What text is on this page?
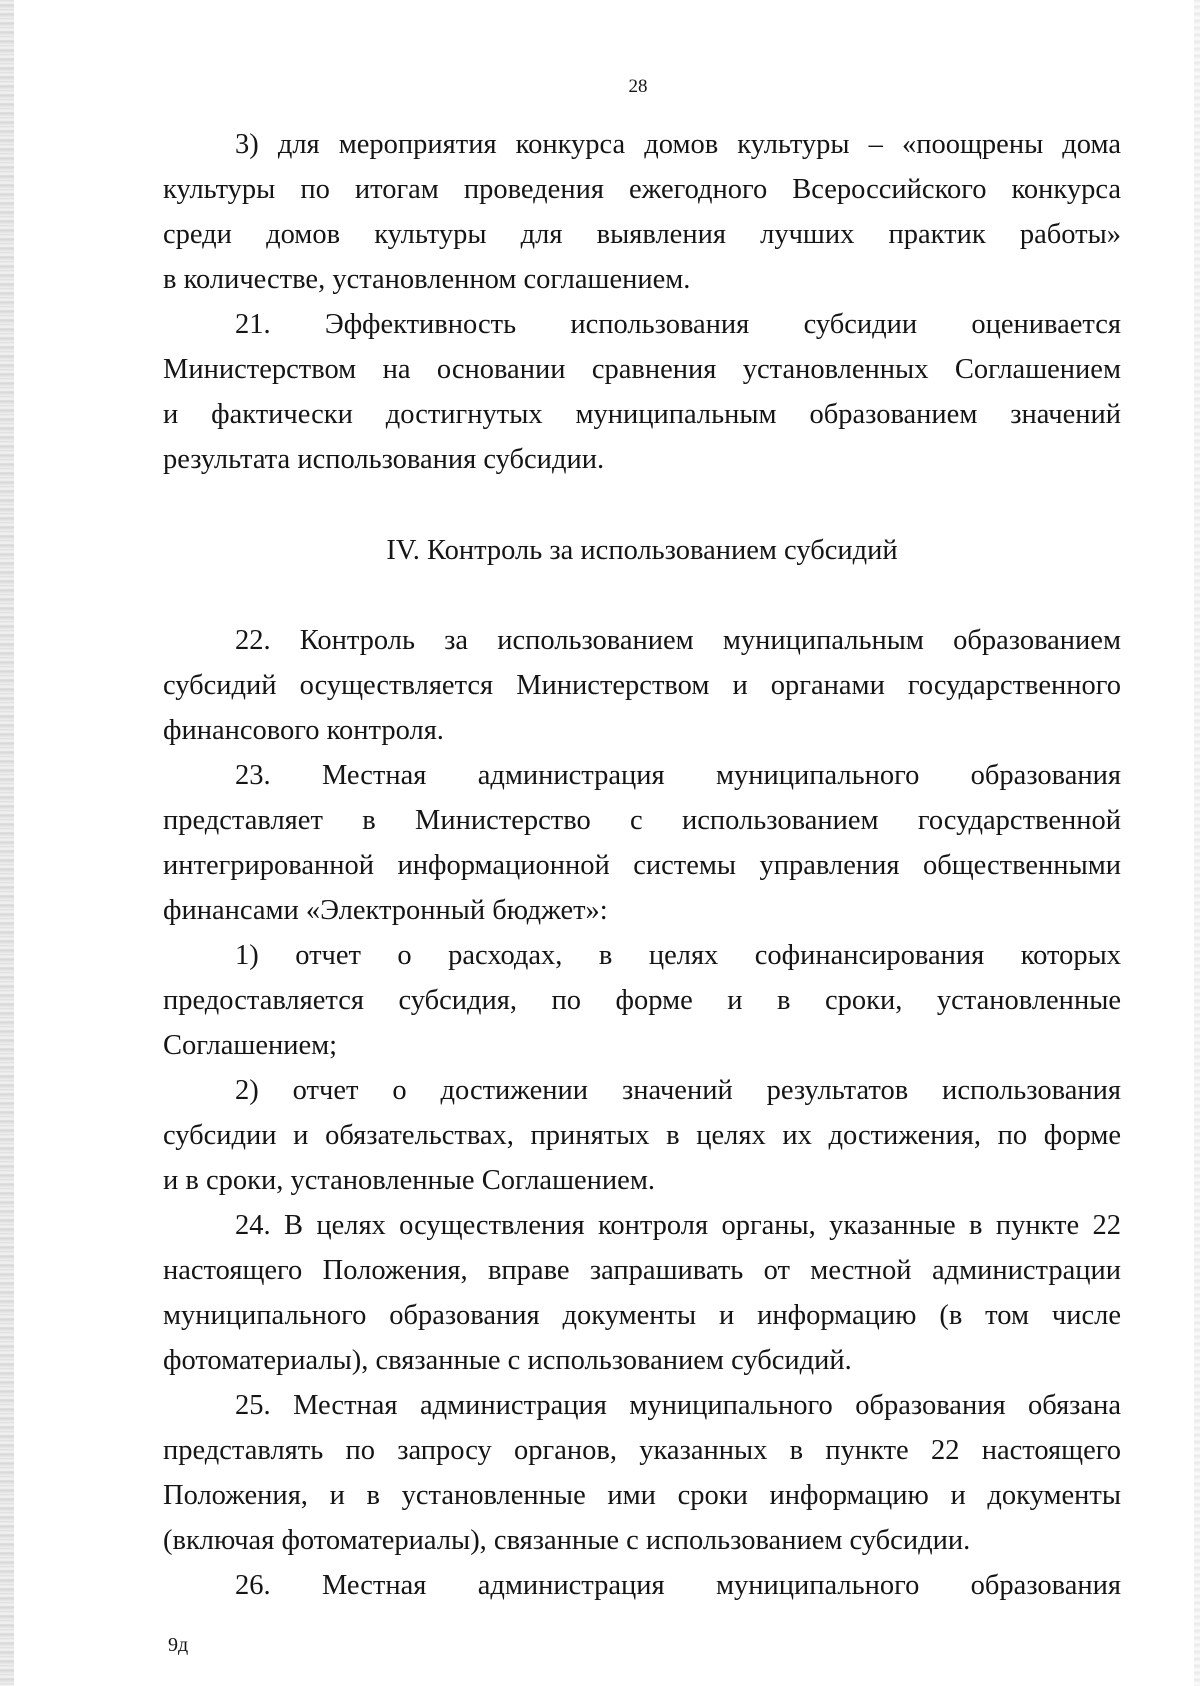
28
3) для мероприятия конкурса домов культуры – «поощрены дома
культуры по итогам проведения ежегодного Всероссийского конкурса
среди домов культуры для выявления лучших практик работы»
в количестве, установленном соглашением.
21. Эффективность использования субсидии оценивается
Министерством на основании сравнения установленных Соглашением
и фактически достигнутых муниципальным образованием значений
результата использования субсидии.
IV. Контроль за использованием субсидий
22. Контроль за использованием муниципальным образованием
субсидий осуществляется Министерством и органами государственного
финансового контроля.
23. Местная администрация муниципального образования
представляет в Министерство с использованием государственной
интегрированной информационной системы управления общественными
финансами «Электронный бюджет»:
1) отчет о расходах, в целях софинансирования которых
предоставляется субсидия, по форме и в сроки, установленные
Соглашением;
2) отчет о достижении значений результатов использования
субсидии и обязательствах, принятых в целях их достижения, по форме
и в сроки, установленные Соглашением.
24. В целях осуществления контроля органы, указанные в пункте 22
настоящего Положения, вправе запрашивать от местной администрации
муниципального образования документы и информацию (в том числе
фотоматериалы), связанные с использованием субсидий.
25. Местная администрация муниципального образования обязана
представлять по запросу органов, указанных в пункте 22 настоящего
Положения, и в установленные ими сроки информацию и документы
(включая фотоматериалы), связанные с использованием субсидии.
26. Местная администрация муниципального образования
9д
